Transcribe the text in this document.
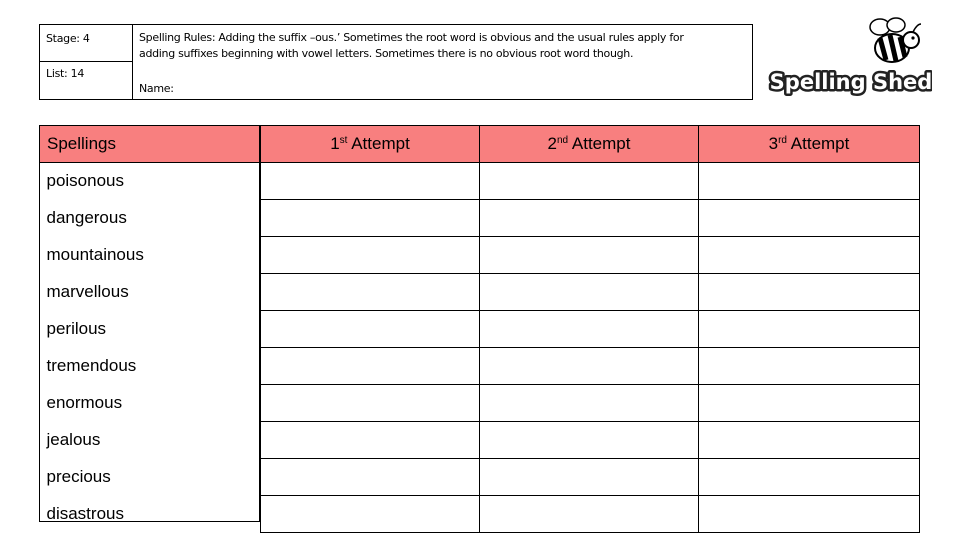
Stage: 4
List: 14
Spelling Rules: Adding the suffix –ous.’ Sometimes the root word is obvious and the usual rules apply for
adding suffixes beginning with vowel letters. Sometimes there is no obvious root word though.
Name:	Spelling Shed
Spellings	1st Attempt	2nd Attempt	3rd Attempt
poisonous			
dangerous			
mountainous			
marvellous			
perilous			
tremendous			
enormous			
jealous			
precious			
disastrous			
